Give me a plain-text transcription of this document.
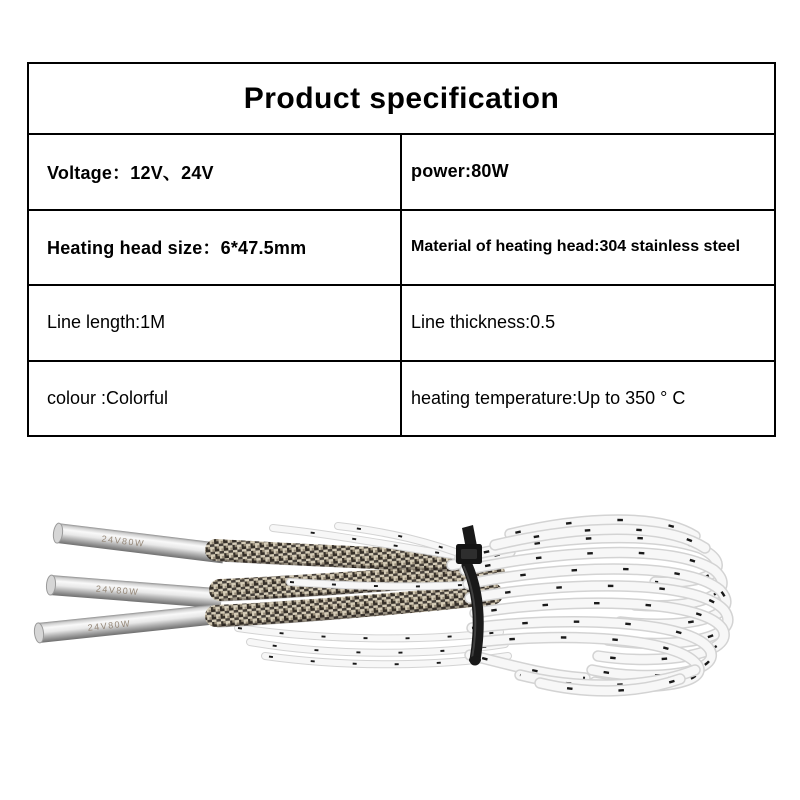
Product specification
Voltage：12V、24V	power:80W
Heating head size：6*47.5mm	Material of heating head:304 stainless steel
Line length:1M	Line thickness:0.5
colour :Colorful	heating temperature:Up to 350 ° C
24V80W
24V80W
24V80W
